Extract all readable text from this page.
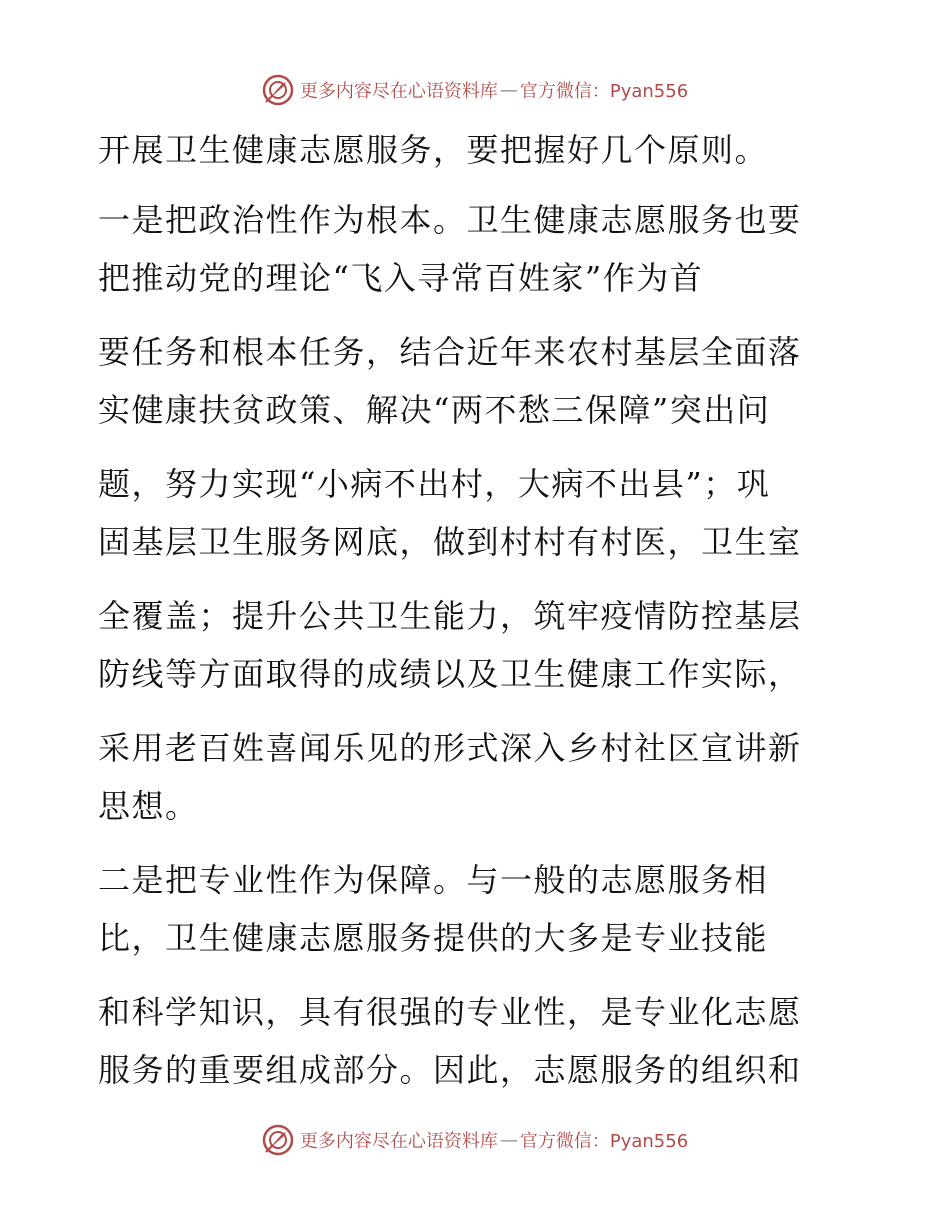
更多内容尽在心语资料库 — 官方微信：Pyan556
开展卫生健康志愿服务，要把握好几个原则。
一是把政治性作为根本。卫生健康志愿服务也要
把推动党的理论“飞入寻常百姓家”作为首
要任务和根本任务，结合近年来农村基层全面落
实健康扶贫政策、解决“两不愁三保障”突出问
题，努力实现“小病不出村，大病不出县”；巩
固基层卫生服务网底，做到村村有村医，卫生室
全覆盖；提升公共卫生能力，筑牢疫情防控基层
防线等方面取得的成绩以及卫生健康工作实际，
采用老百姓喜闻乐见的形式深入乡村社区宣讲新
思想。
二是把专业性作为保障。与一般的志愿服务相
比，卫生健康志愿服务提供的大多是专业技能
和科学知识，具有很强的专业性，是专业化志愿
服务的重要组成部分。因此，志愿服务的组织和
更多内容尽在心语资料库 — 官方微信：Pyan556
